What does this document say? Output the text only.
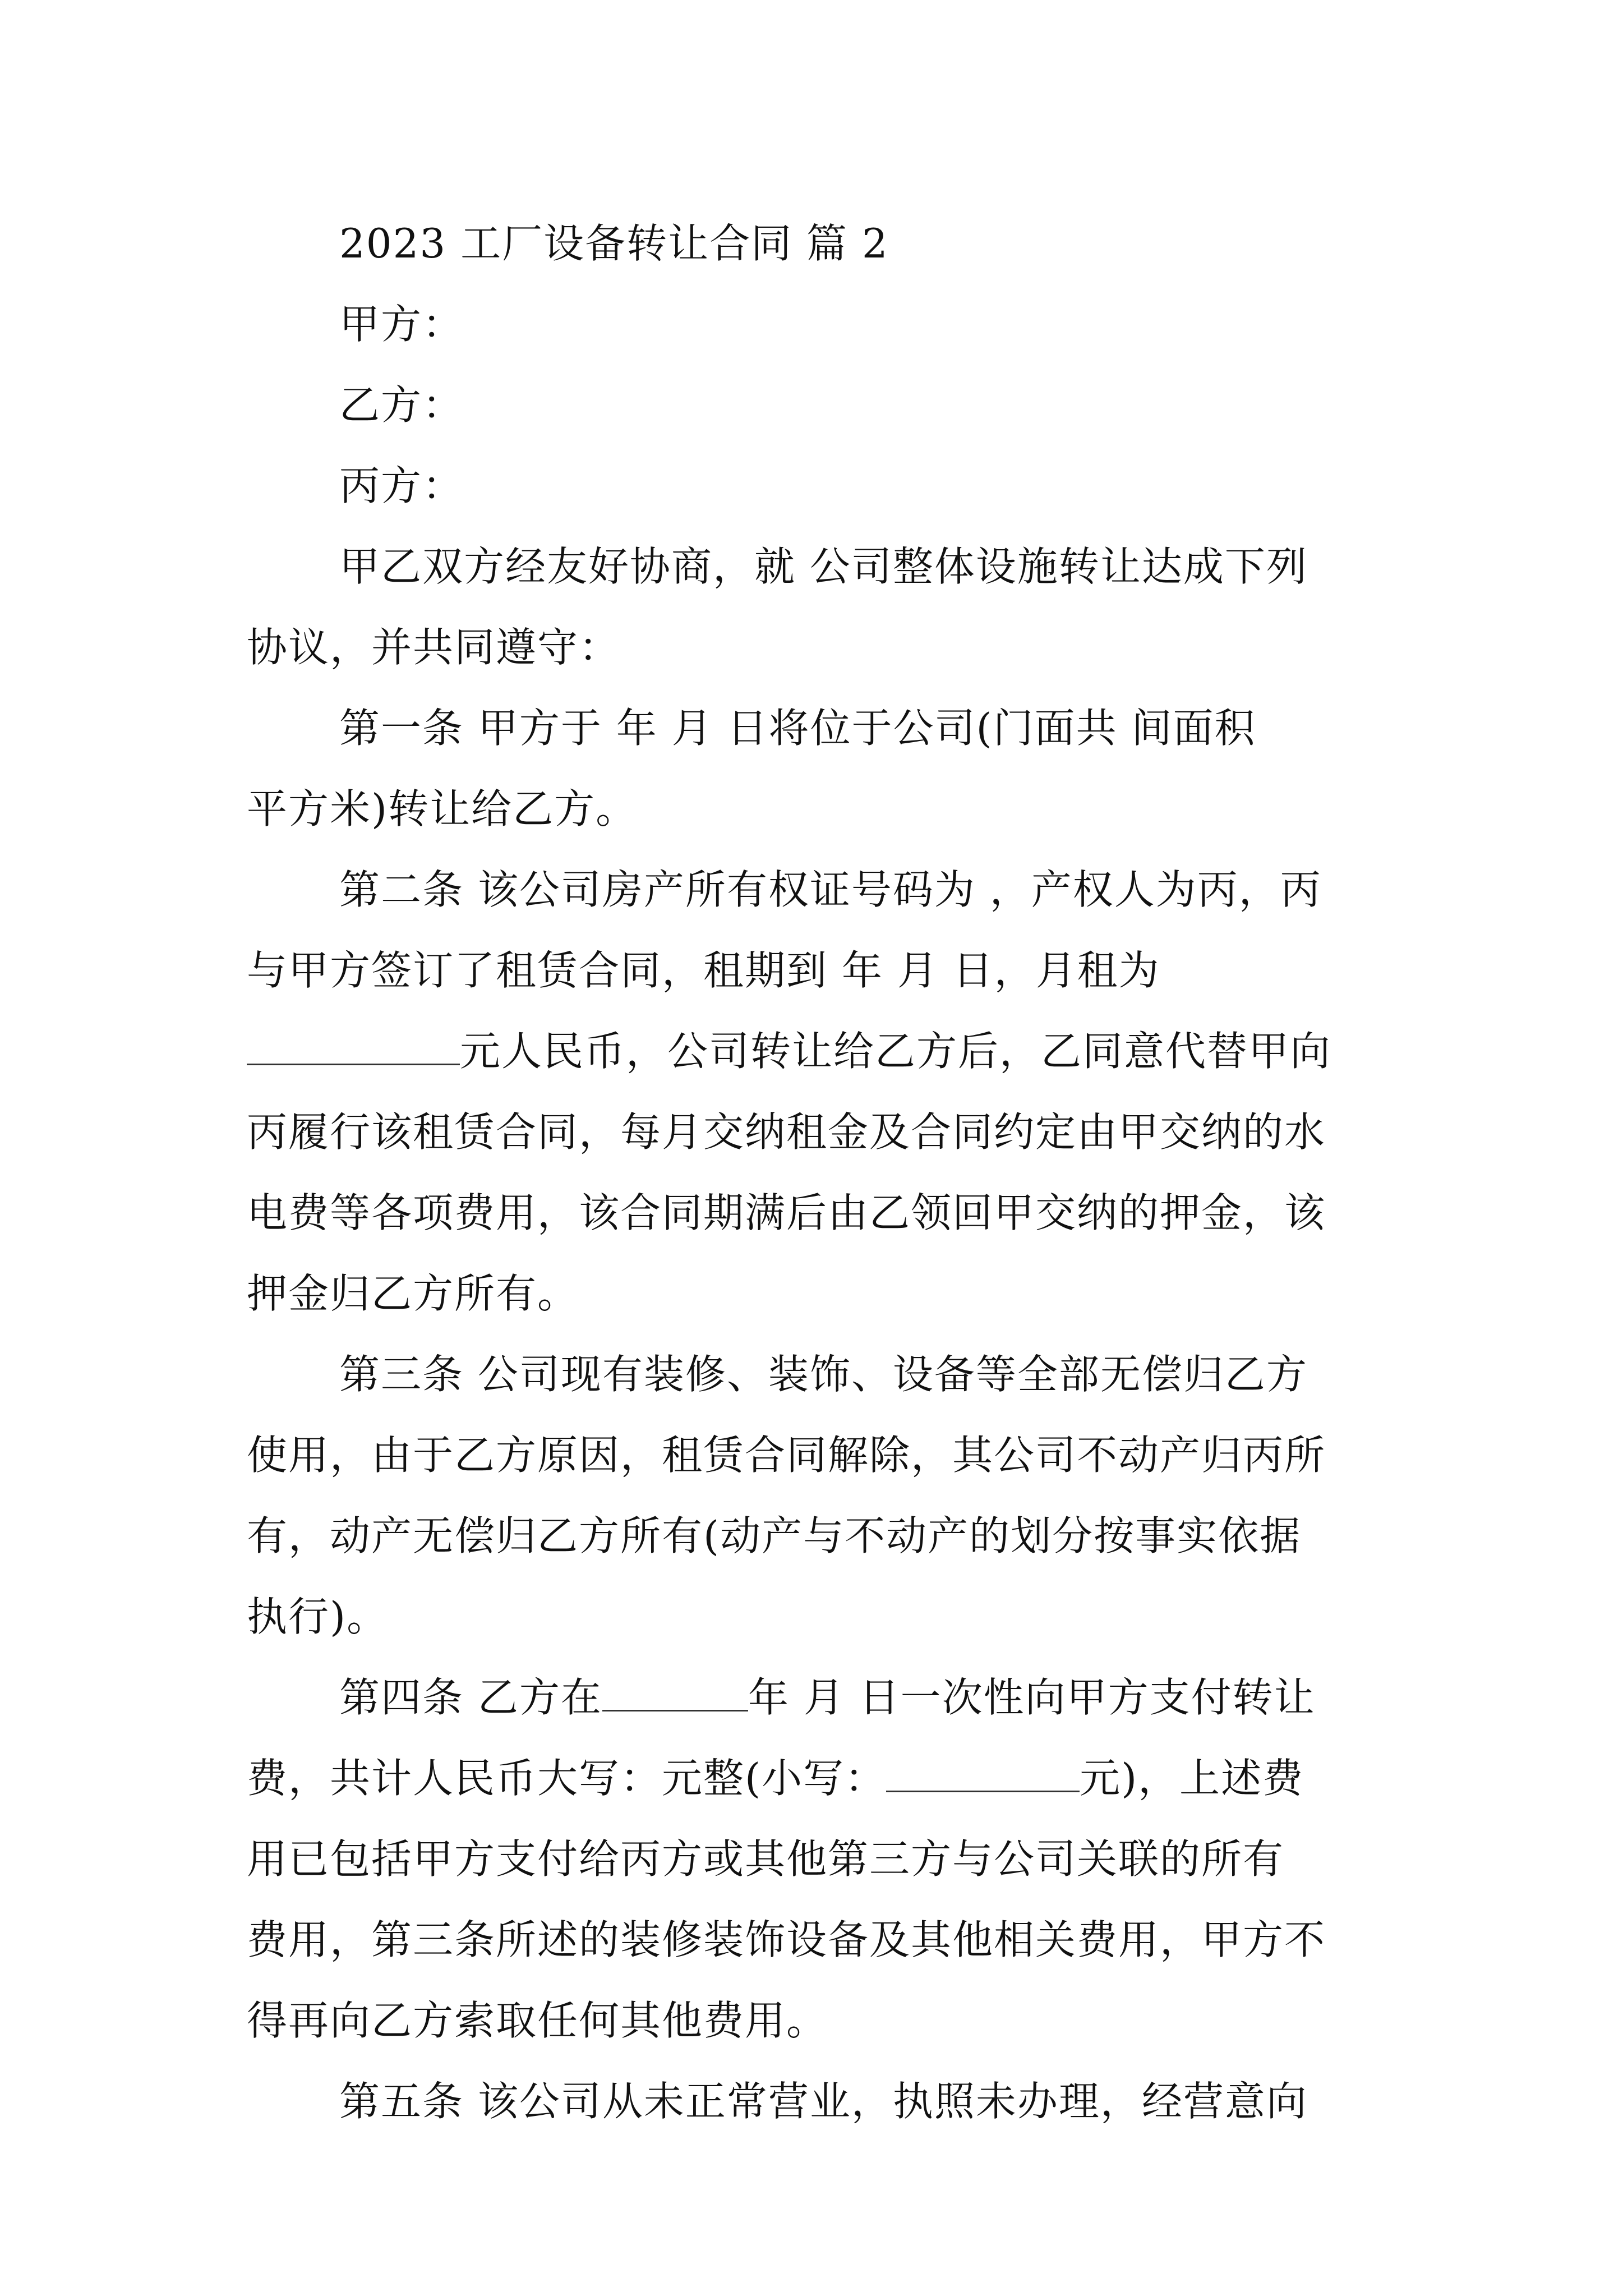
2023 工厂设备转让合同 篇 2
甲方：
乙方：
丙方：
甲乙双方经友好协商，就 公司整体设施转让达成下列
协议，并共同遵守：
第一条 甲方于 年 月 日将位于公司(门面共 间面积
平方米)转让给乙方。
第二条 该公司房产所有权证号码为 ，产权人为丙，丙
与甲方签订了租赁合同，租期到 年 月 日，月租为
元人民币，公司转让给乙方后，乙同意代替甲向
丙履行该租赁合同，每月交纳租金及合同约定由甲交纳的水
电费等各项费用，该合同期满后由乙领回甲交纳的押金，该
押金归乙方所有。
第三条 公司现有装修、装饰、设备等全部无偿归乙方
使用，由于乙方原因，租赁合同解除，其公司不动产归丙所
有，动产无偿归乙方所有(动产与不动产的划分按事实依据
执行)。
第四条 乙方在	年 月 日一次性向甲方支付转让
费，共计人民币大写：元整(小写：	元)，上述费
用已包括甲方支付给丙方或其他第三方与公司关联的所有
费用，第三条所述的装修装饰设备及其他相关费用，甲方不
得再向乙方索取任何其他费用。
第五条 该公司从未正常营业，执照未办理，经营意向
